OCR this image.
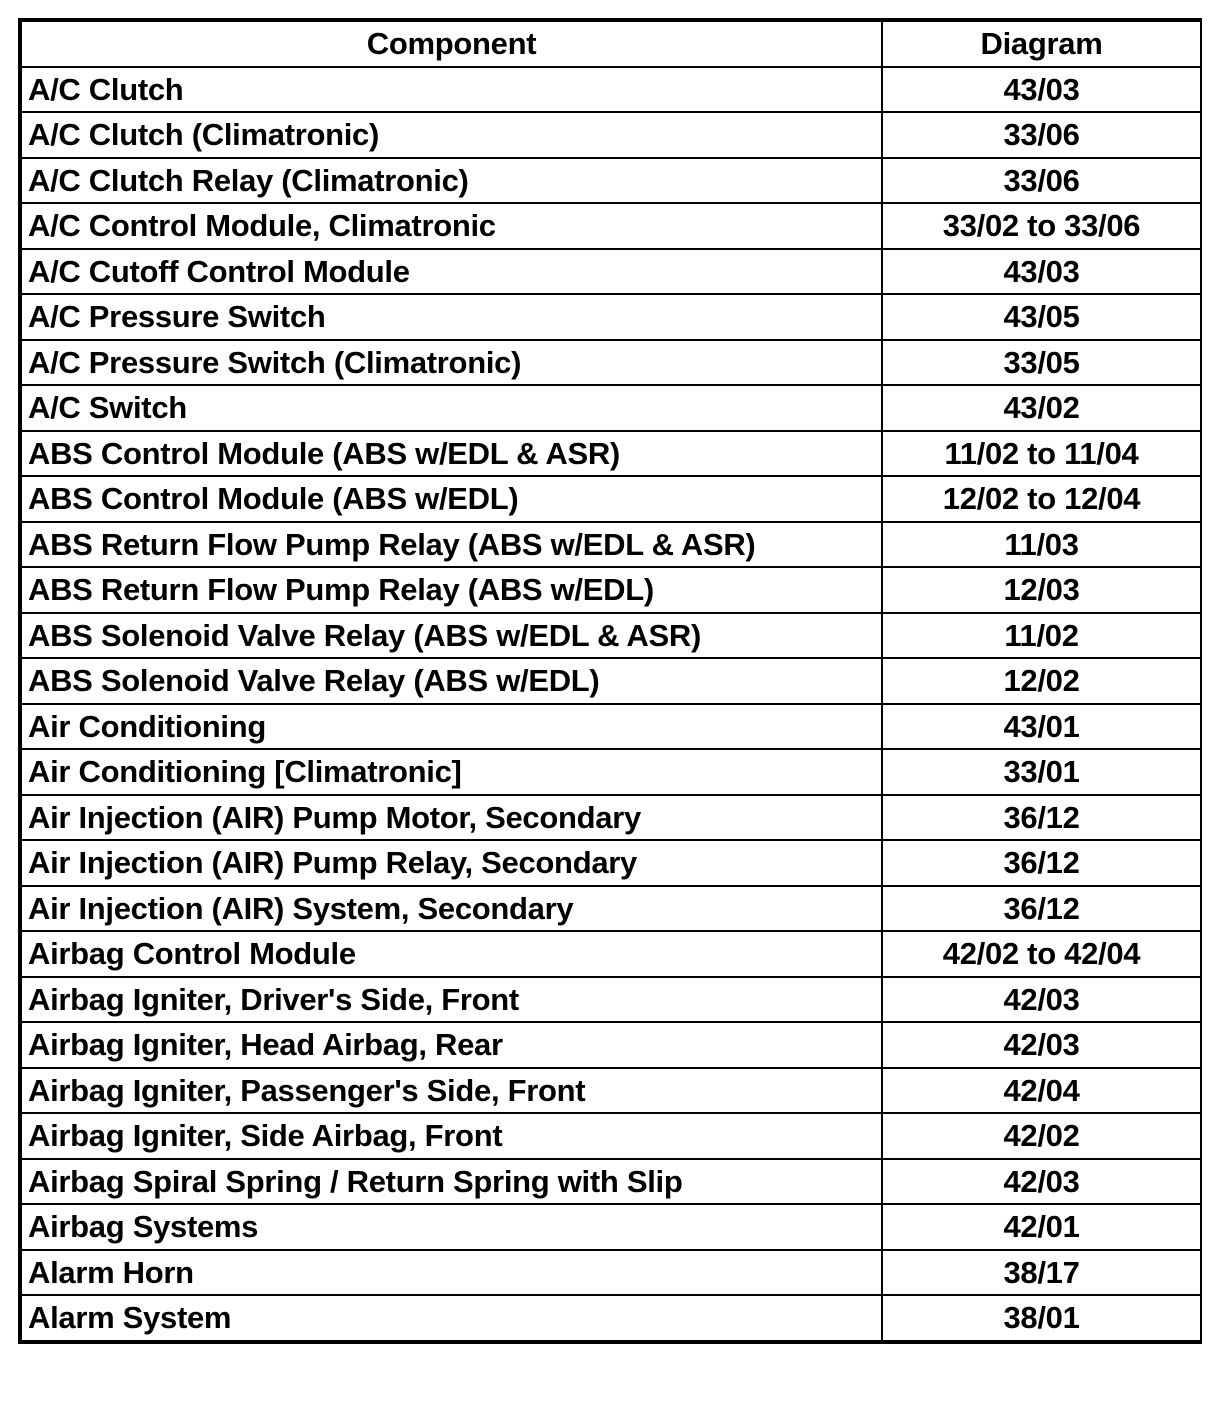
Component	Diagram
A/C Clutch	43/03
A/C Clutch (Climatronic)	33/06
A/C Clutch Relay (Climatronic)	33/06
A/C Control Module, Climatronic	33/02 to 33/06
A/C Cutoff Control Module	43/03
A/C Pressure Switch	43/05
A/C Pressure Switch (Climatronic)	33/05
A/C Switch	43/02
ABS Control Module (ABS w/EDL & ASR)	11/02 to 11/04
ABS Control Module (ABS w/EDL)	12/02 to 12/04
ABS Return Flow Pump Relay (ABS w/EDL & ASR)	11/03
ABS Return Flow Pump Relay (ABS w/EDL)	12/03
ABS Solenoid Valve Relay (ABS w/EDL & ASR)	11/02
ABS Solenoid Valve Relay (ABS w/EDL)	12/02
Air Conditioning	43/01
Air Conditioning [Climatronic]	33/01
Air Injection (AIR) Pump Motor, Secondary	36/12
Air Injection (AIR) Pump Relay, Secondary	36/12
Air Injection (AIR) System, Secondary	36/12
Airbag Control Module	42/02 to 42/04
Airbag Igniter, Driver's Side, Front	42/03
Airbag Igniter, Head Airbag, Rear	42/03
Airbag Igniter, Passenger's Side, Front	42/04
Airbag Igniter, Side Airbag, Front	42/02
Airbag Spiral Spring / Return Spring with Slip	42/03
Airbag Systems	42/01
Alarm Horn	38/17
Alarm System	38/01
